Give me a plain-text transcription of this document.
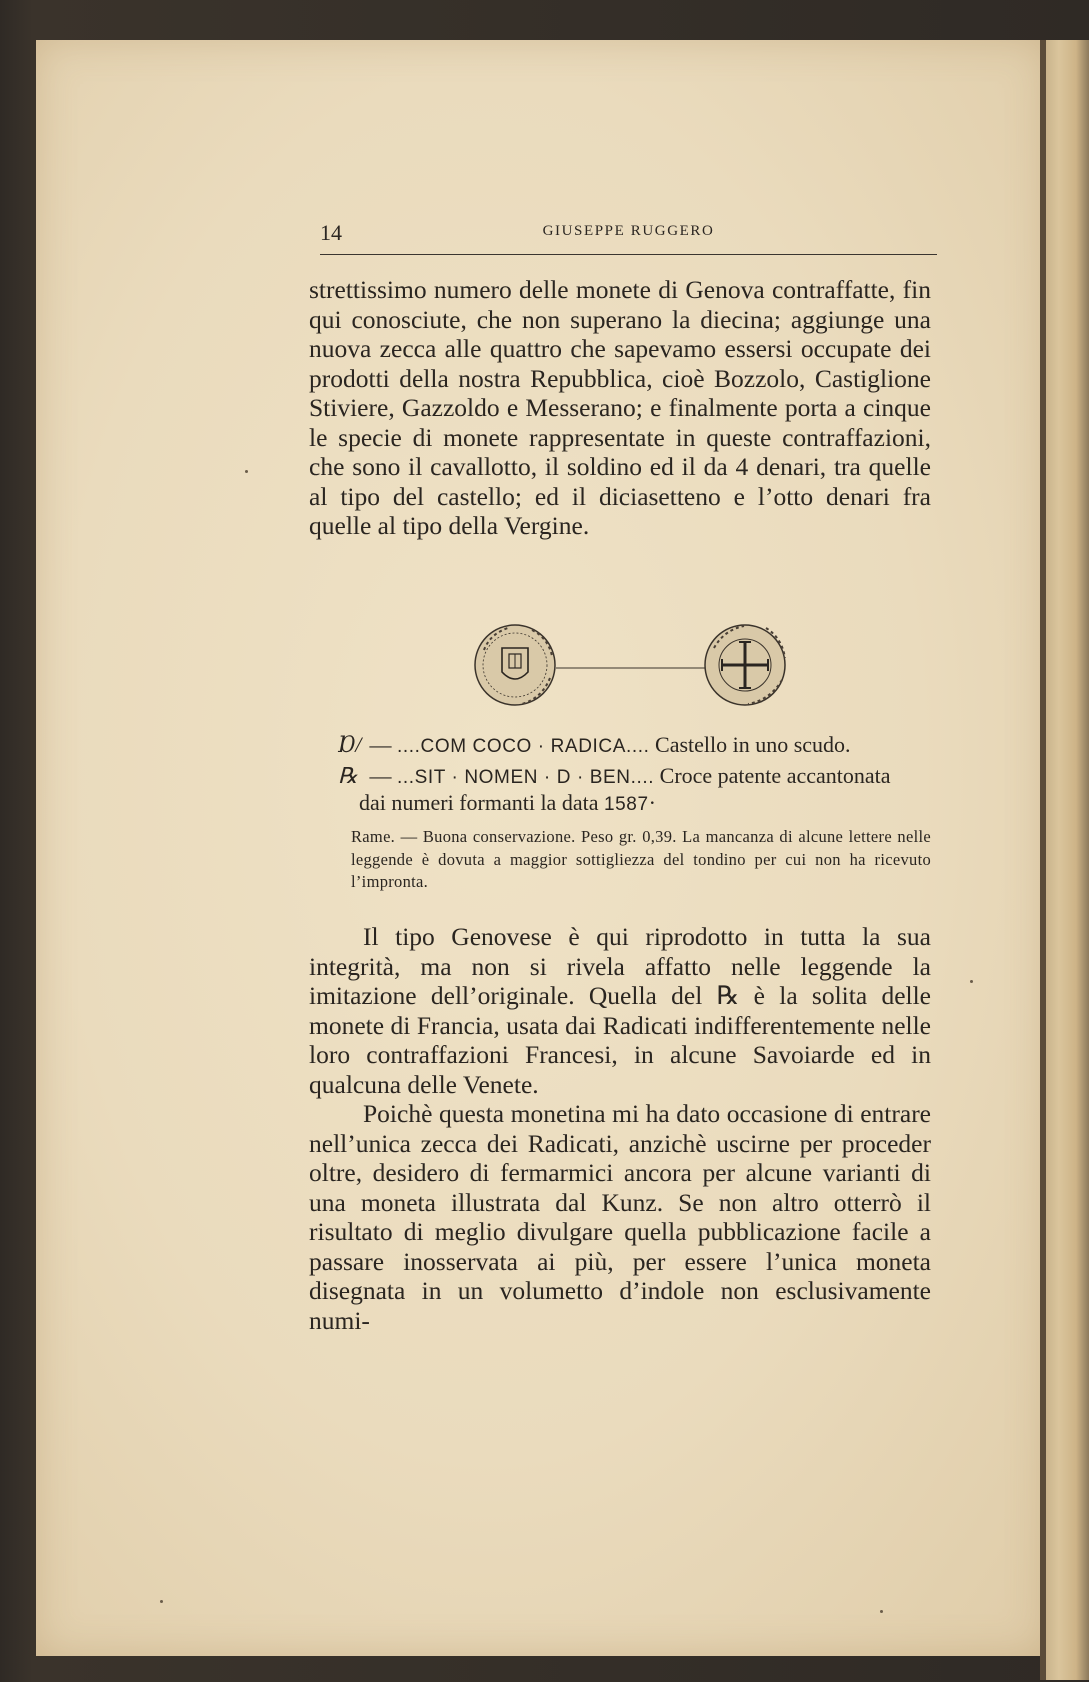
14	GIUSEPPE RUGGERO

strettissimo numero delle monete di Genova contraffatte, fin qui conosciute, che non superano la diecina; aggiunge una nuova zecca alle quattro che sapevamo essersi occupate dei prodotti della nostra Repubblica, cioè Bozzolo, Castiglione Stiviere, Gazzoldo e Messerano; e finalmente porta a cinque le specie di monete rappresentate in queste contraffazioni, che sono il cavallotto, il soldino ed il da 4 denari, tra quelle al tipo del castello; ed il diciasetteno e l’otto denari fra quelle al tipo della Vergine.

Ɒ/ — ....COM COCO · RADICA.... Castello in uno scudo.
℞ — ...SIT · NOMEN · D · BEN.... Croce patente accantonata
dai numeri formanti la data 1587·

Rame. — Buona conservazione. Peso gr. 0,39. La mancanza di alcune lettere nelle leggende è dovuta a maggior sottigliezza del tondino per cui non ha ricevuto l’impronta.

Il tipo Genovese è qui riprodotto in tutta la sua integrità, ma non si rivela affatto nelle leggende la imitazione dell’originale. Quella del ℞ è la solita delle monete di Francia, usata dai Radicati indifferentemente nelle loro contraffazioni Francesi, in alcune Savoiarde ed in qualcuna delle Venete.

Poichè questa monetina mi ha dato occasione di entrare nell’unica zecca dei Radicati, anzichè uscirne per proceder oltre, desidero di fermarmici ancora per alcune varianti di una moneta illustrata dal Kunz. Se non altro otterrò il risultato di meglio divulgare quella pubblicazione facile a passare inosservata ai più, per essere l’unica moneta disegnata in un volumetto d’indole non esclusivamente numi-
